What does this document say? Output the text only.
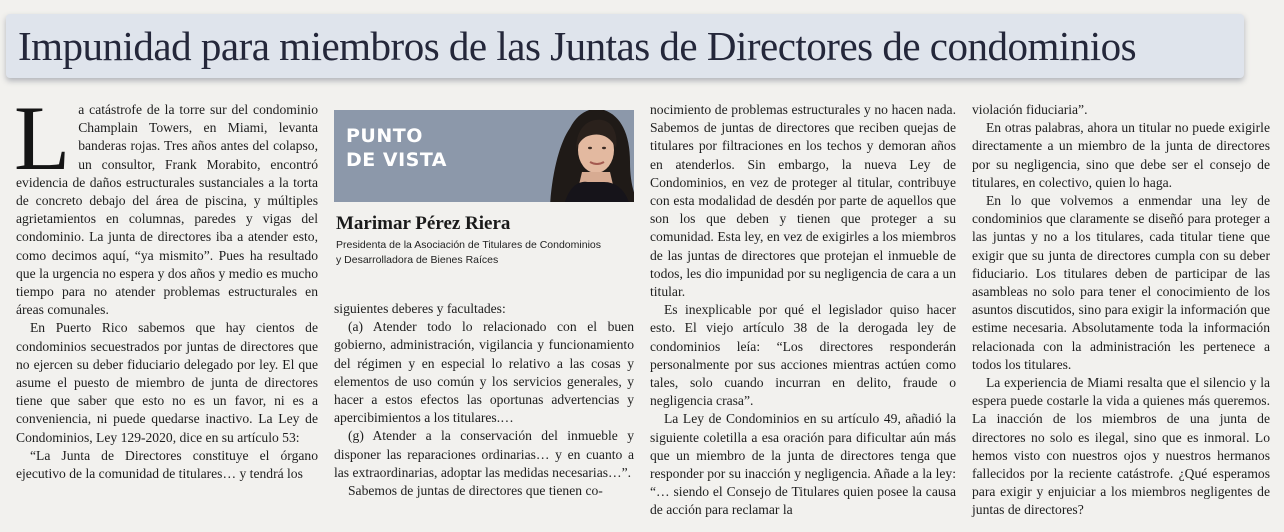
Impunidad para miembros de las Juntas de Directores de condominios

La catástrofe de la torre sur del condominio Champlain Towers, en Miami, levanta banderas rojas. Tres años antes del colapso, un consultor, Frank Morabito, encontró evidencia de daños estructurales sustanciales a la torta de concreto debajo del área de piscina, y múltiples agrietamientos en columnas, paredes y vigas del condominio. La junta de directores iba a atender esto, como decimos aquí, “ya mismito”. Pues ha resultado que la urgencia no espera y dos años y medio es mucho tiempo para no atender problemas estructurales en áreas comunales.

En Puerto Rico sabemos que hay cientos de condominios secuestrados por juntas de directores que no ejercen su deber fiduciario delegado por ley. El que asume el puesto de miembro de junta de directores tiene que saber que esto no es un favor, ni es a conveniencia, ni puede quedarse inactivo. La Ley de Condominios, Ley 129-2020, dice en su artículo 53:

“La Junta de Directores constituye el órgano ejecutivo de la comunidad de titulares… y tendrá los

PUNTO
DE VISTA
Marimar Pérez Riera
Presidenta de la Asociación de Titulares de Condominios
y Desarrolladora de Bienes Raíces

siguientes deberes y facultades:

(a) Atender todo lo relacionado con el buen gobierno, administración, vigilancia y funcionamiento del régimen y en especial lo relativo a las cosas y elementos de uso común y los servicios generales, y hacer a estos efectos las oportunas advertencias y apercibimientos a los titulares.…

(g) Atender a la conservación del inmueble y disponer las reparaciones ordinarias… y en cuanto a las extraordinarias, adoptar las medidas necesarias…”.

Sabemos de juntas de directores que tienen co-

nocimiento de problemas estructurales y no hacen nada. Sabemos de juntas de directores que reciben quejas de titulares por filtraciones en los techos y demoran años en atenderlos. Sin embargo, la nueva Ley de Condominios, en vez de proteger al titular, contribuye con esta modalidad de desdén por parte de aquellos que son los que deben y tienen que proteger a su comunidad. Esta ley, en vez de exigirles a los miembros de las juntas de directores que protejan el inmueble de todos, les dio impunidad por su negligencia de cara a un titular.

Es inexplicable por qué el legislador quiso hacer esto. El viejo artículo 38 de la derogada ley de condominios leía: “Los directores responderán personalmente por sus acciones mientras actúen como tales, solo cuando incurran en delito, fraude o negligencia crasa”.

La Ley de Condominios en su artículo 49, añadió la siguiente coletilla a esa oración para dificultar aún más que un miembro de la junta de directores tenga que responder por su inacción y negligencia. Añade a la ley: “… siendo el Consejo de Titulares quien posee la causa de acción para reclamar la

violación fiduciaria”.

En otras palabras, ahora un titular no puede exigirle directamente a un miembro de la junta de directores por su negligencia, sino que debe ser el consejo de titulares, en colectivo, quien lo haga.

En lo que volvemos a enmendar una ley de condominios que claramente se diseñó para proteger a las juntas y no a los titulares, cada titular tiene que exigir que su junta de directores cumpla con su deber fiduciario. Los titulares deben de participar de las asambleas no solo para tener el conocimiento de los asuntos discutidos, sino para exigir la información que estime necesaria. Absolutamente toda la información relacionada con la administración les pertenece a todos los titulares.

La experiencia de Miami resalta que el silencio y la espera puede costarle la vida a quienes más queremos. La inacción de los miembros de una junta de directores no solo es ilegal, sino que es inmoral. Lo hemos visto con nuestros ojos y nuestros hermanos fallecidos por la reciente catástrofe. ¿Qué esperamos para exigir y enjuiciar a los miembros negligentes de juntas de directores?
